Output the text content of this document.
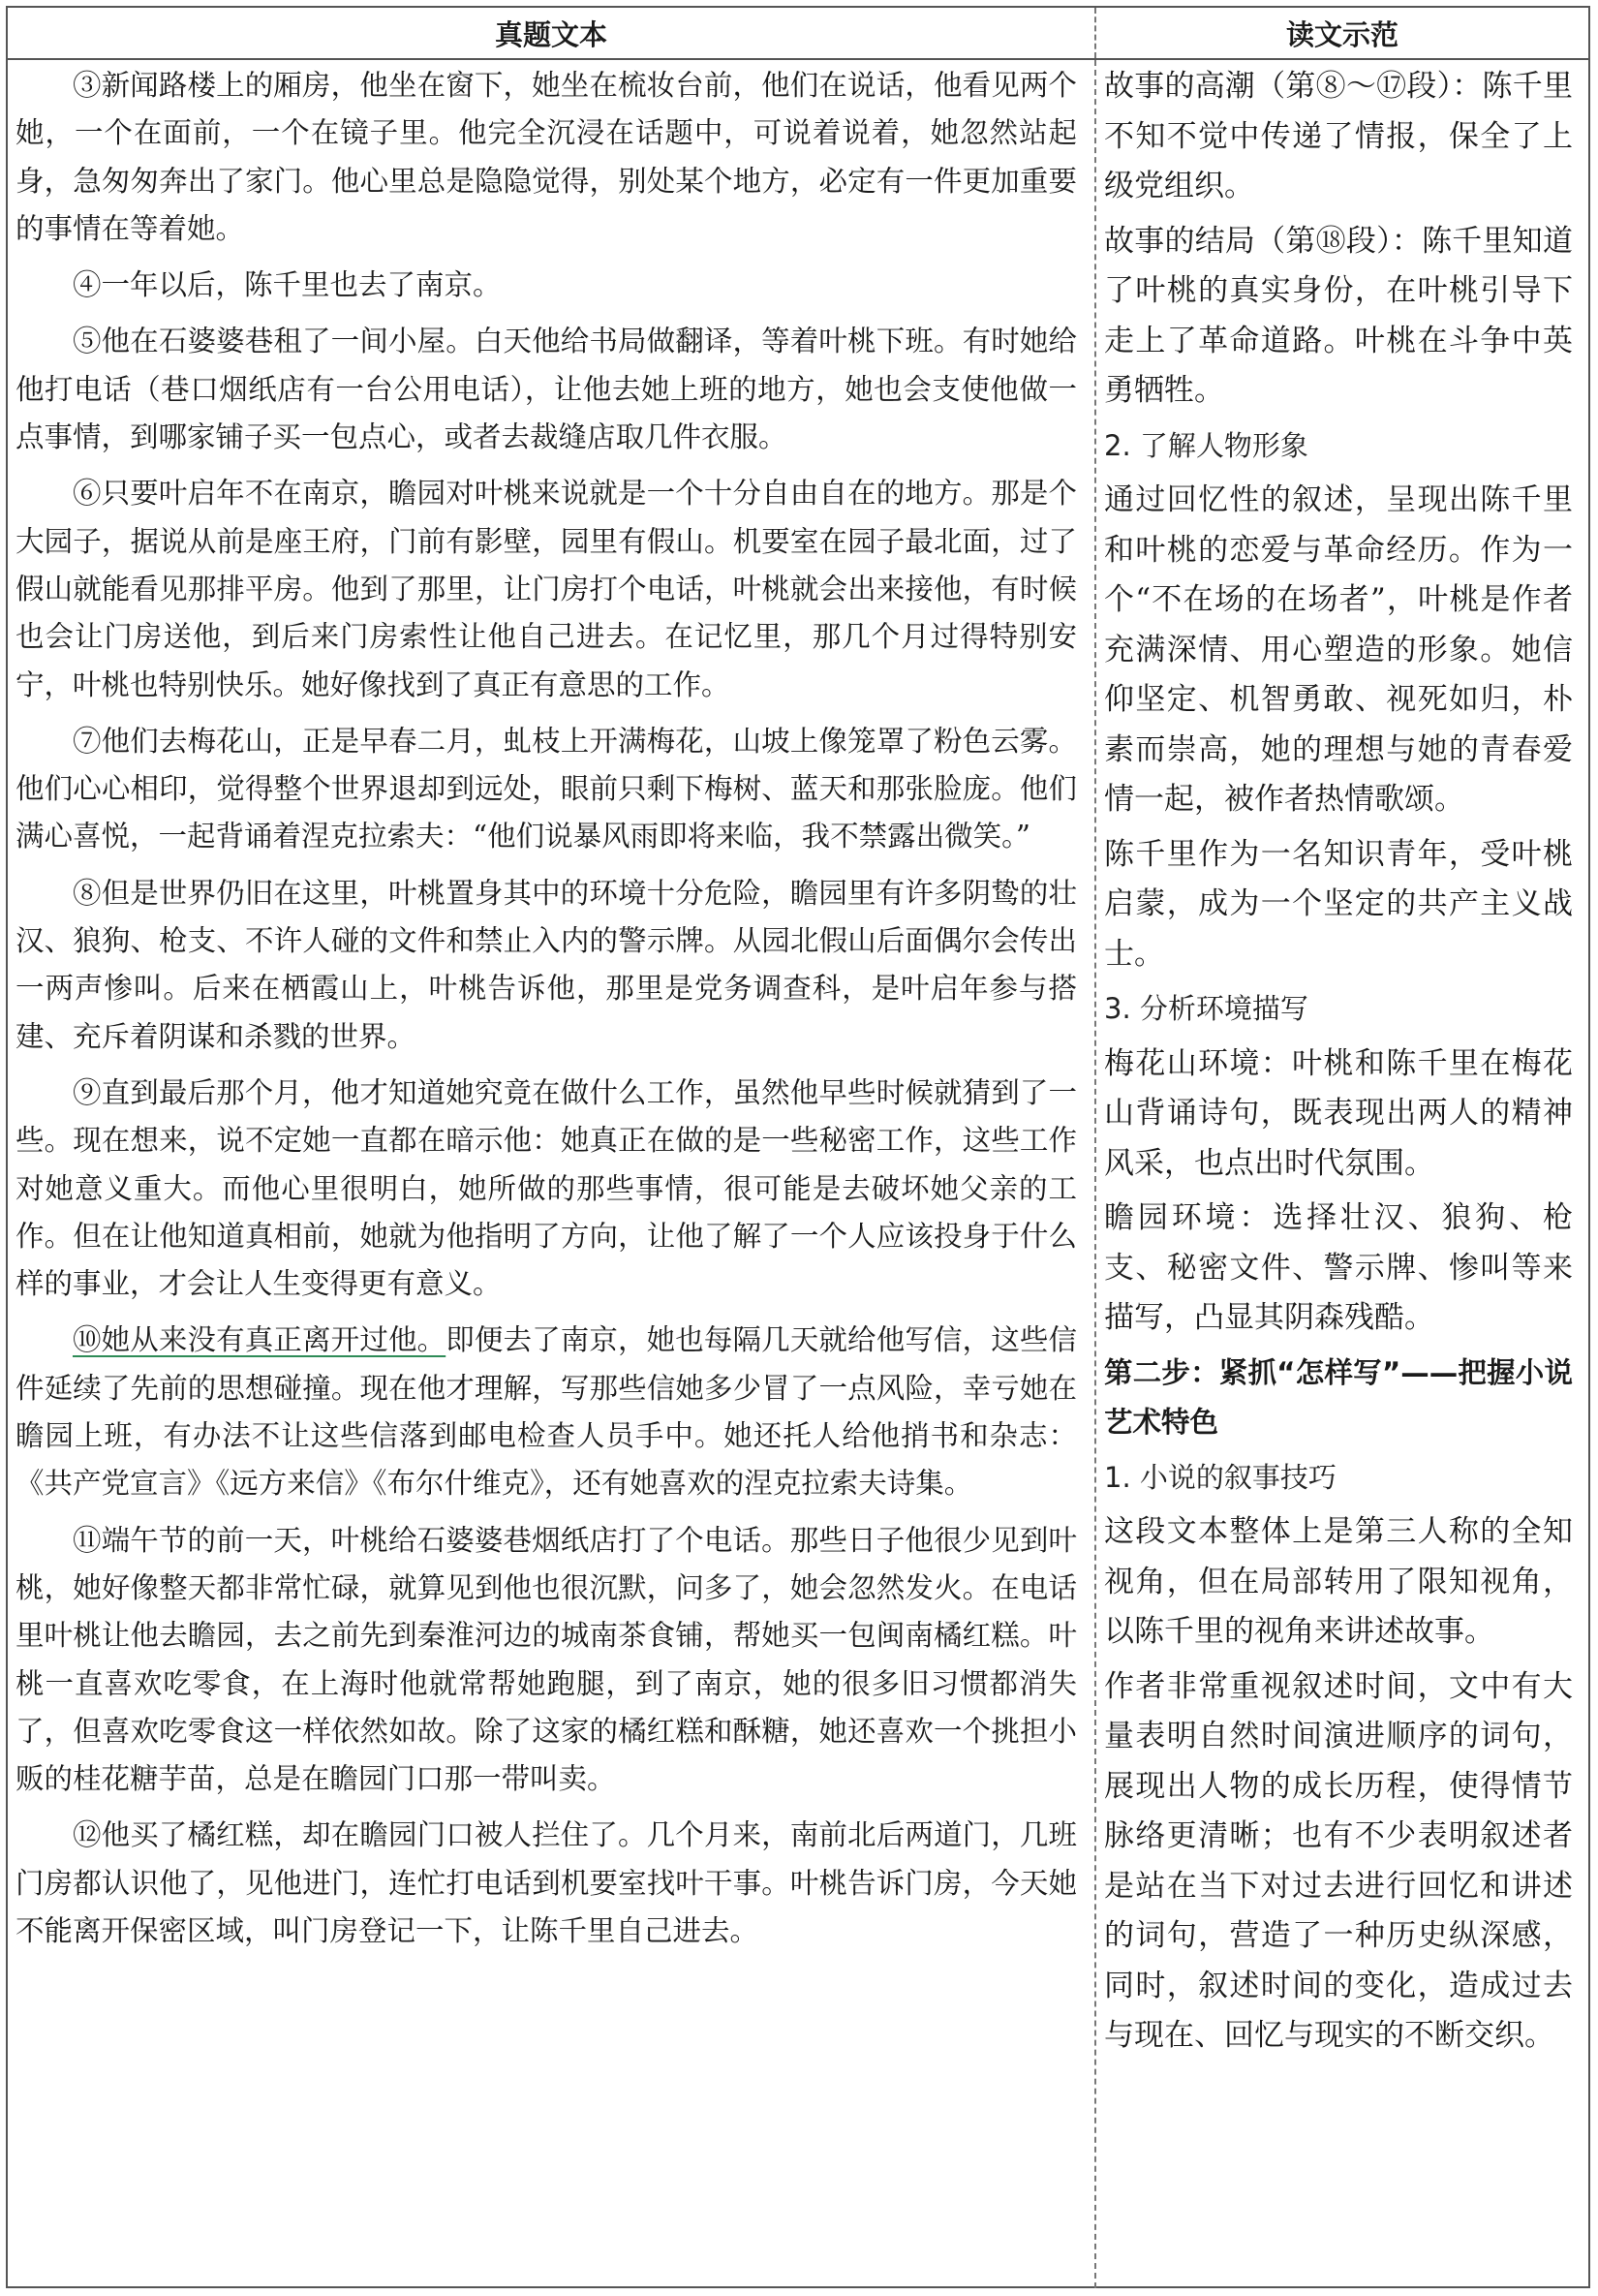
真题文本	读文示范

③新闻路楼上的厢房，他坐在窗下，她坐在梳妆台前，他们在说话，他看见两个她，一个在面前，一个在镜子里。他完全沉浸在话题中，可说着说着，她忽然站起身，急匆匆奔出了家门。他心里总是隐隐觉得，别处某个地方，必定有一件更加重要的事情在等着她。

④一年以后，陈千里也去了南京。

⑤他在石婆婆巷租了一间小屋。白天他给书局做翻译，等着叶桃下班。有时她给他打电话（巷口烟纸店有一台公用电话），让他去她上班的地方，她也会支使他做一点事情，到哪家铺子买一包点心，或者去裁缝店取几件衣服。

⑥只要叶启年不在南京，瞻园对叶桃来说就是一个十分自由自在的地方。那是个大园子，据说从前是座王府，门前有影壁，园里有假山。机要室在园子最北面，过了假山就能看见那排平房。他到了那里，让门房打个电话，叶桃就会出来接他，有时候也会让门房送他，到后来门房索性让他自己进去。在记忆里，那几个月过得特别安宁，叶桃也特别快乐。她好像找到了真正有意思的工作。

⑦他们去梅花山，正是早春二月，虬枝上开满梅花，山坡上像笼罩了粉色云雾。他们心心相印，觉得整个世界退却到远处，眼前只剩下梅树、蓝天和那张脸庞。他们满心喜悦，一起背诵着涅克拉索夫：“他们说暴风雨即将来临，我不禁露出微笑。”

⑧但是世界仍旧在这里，叶桃置身其中的环境十分危险，瞻园里有许多阴鸷的壮汉、狼狗、枪支、不许人碰的文件和禁止入内的警示牌。从园北假山后面偶尔会传出一两声惨叫。后来在栖霞山上，叶桃告诉他，那里是党务调查科，是叶启年参与搭建、充斥着阴谋和杀戮的世界。

⑨直到最后那个月，他才知道她究竟在做什么工作，虽然他早些时候就猜到了一些。现在想来，说不定她一直都在暗示他：她真正在做的是一些秘密工作，这些工作对她意义重大。而他心里很明白，她所做的那些事情，很可能是去破坏她父亲的工作。但在让他知道真相前，她就为他指明了方向，让他了解了一个人应该投身于什么样的事业，才会让人生变得更有意义。

⑩她从来没有真正离开过他。即便去了南京，她也每隔几天就给他写信，这些信件延续了先前的思想碰撞。现在他才理解，写那些信她多少冒了一点风险，幸亏她在瞻园上班，有办法不让这些信落到邮电检查人员手中。她还托人给他捎书和杂志：《共产党宣言》《远方来信》《布尔什维克》，还有她喜欢的涅克拉索夫诗集。

⑪端午节的前一天，叶桃给石婆婆巷烟纸店打了个电话。那些日子他很少见到叶桃，她好像整天都非常忙碌，就算见到他也很沉默，问多了，她会忽然发火。在电话里叶桃让他去瞻园，去之前先到秦淮河边的城南茶食铺，帮她买一包闽南橘红糕。叶桃一直喜欢吃零食，在上海时他就常帮她跑腿，到了南京，她的很多旧习惯都消失了，但喜欢吃零食这一样依然如故。除了这家的橘红糕和酥糖，她还喜欢一个挑担小贩的桂花糖芋苗，总是在瞻园门口那一带叫卖。

⑫他买了橘红糕，却在瞻园门口被人拦住了。几个月来，南前北后两道门，几班门房都认识他了，见他进门，连忙打电话到机要室找叶干事。叶桃告诉门房，今天她不能离开保密区域，叫门房登记一下，让陈千里自己进去。

故事的高潮（第⑧～⑰段）：陈千里不知不觉中传递了情报，保全了上级党组织。

故事的结局（第⑱段）：陈千里知道了叶桃的真实身份，在叶桃引导下走上了革命道路。叶桃在斗争中英勇牺牲。

2. 了解人物形象

通过回忆性的叙述，呈现出陈千里和叶桃的恋爱与革命经历。作为一个“不在场的在场者”，叶桃是作者充满深情、用心塑造的形象。她信仰坚定、机智勇敢、视死如归，朴素而崇高，她的理想与她的青春爱情一起，被作者热情歌颂。

陈千里作为一名知识青年，受叶桃启蒙，成为一个坚定的共产主义战士。

3. 分析环境描写

梅花山环境：叶桃和陈千里在梅花山背诵诗句，既表现出两人的精神风采，也点出时代氛围。

瞻园环境：选择壮汉、狼狗、枪支、秘密文件、警示牌、惨叫等来描写，凸显其阴森残酷。

第二步：紧抓“怎样写”——把握小说艺术特色

1. 小说的叙事技巧

这段文本整体上是第三人称的全知视角，但在局部转用了限知视角，以陈千里的视角来讲述故事。

作者非常重视叙述时间，文中有大量表明自然时间演进顺序的词句，展现出人物的成长历程，使得情节脉络更清晰；也有不少表明叙述者是站在当下对过去进行回忆和讲述的词句，营造了一种历史纵深感，同时，叙述时间的变化，造成过去与现在、回忆与现实的不断交织。
